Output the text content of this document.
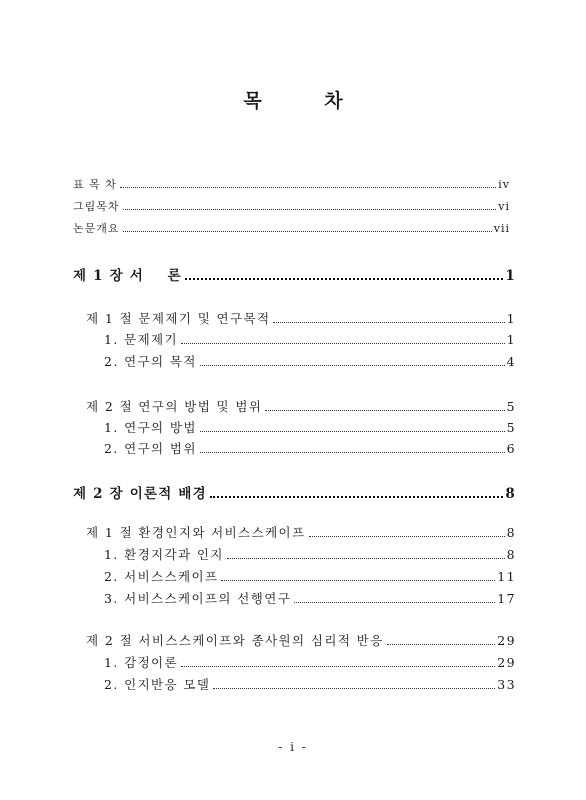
목 차
표 목 차	iv
그림목차	vi
논문개요	vii
제 1 장 서    론	1
제 1 절 문제제기 및 연구목적	1
1. 문제제기	1
2. 연구의 목적	4
제 2 절 연구의 방법 및 범위	5
1. 연구의 방법	5
2. 연구의 범위	6
제 2 장 이론적 배경	8
제 1 절 환경인지와 서비스스케이프	8
1. 환경지각과 인지	8
2. 서비스스케이프	11
3. 서비스스케이프의 선행연구	17
제 2 절 서비스스케이프와 종사원의 심리적 반응	29
1. 감정이론	29
2. 인지반응 모델	33
- i -
